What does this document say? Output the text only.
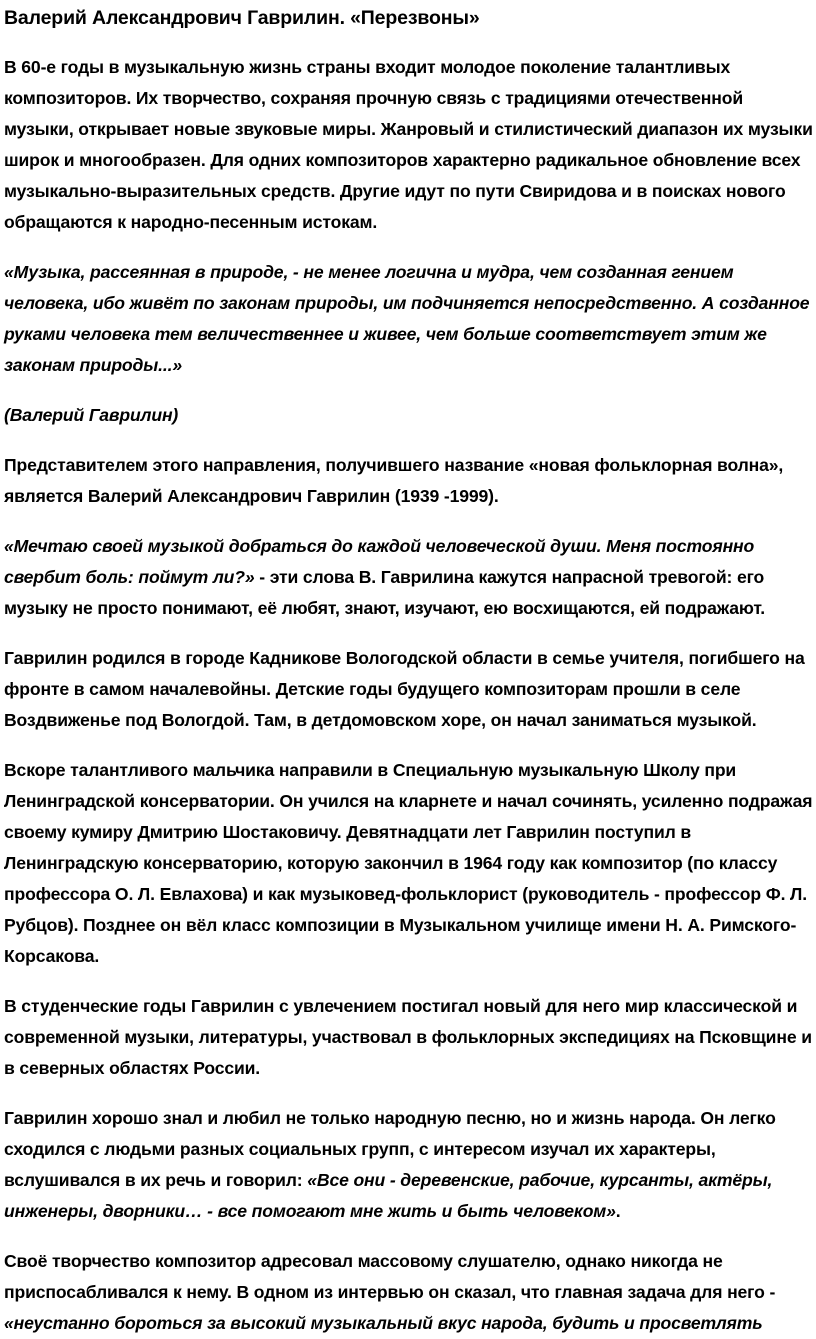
Валерий Александрович Гаврилин. «Перезвоны»

В 60-е годы в музыкальную жизнь страны входит молодое поколение талантливых композиторов. Их творчество, сохраняя прочную связь с традициями отечественной музыки, открывает новые звуковые миры. Жанровый и стилистический диапазон их музыки широк и многообразен. Для одних композиторов характерно радикальное обновление всех музыкально-выразительных средств. Другие идут по пути Свиридова и в поисках нового обращаются к народно-песенным истокам.

«Музыка, рассеянная в природе, - не менее логична и мудра, чем созданная гением человека, ибо живёт по законам природы, им подчиняется непосредственно. А созданное руками человека тем величественнее и живее, чем больше соответствует этим же законам природы...»

(Валерий Гаврилин)

Представителем этого направления, получившего название «новая фольклорная волна», является Валерий Александрович Гаврилин (1939 -1999).

«Мечтаю своей музыкой добраться до каждой человеческой души. Меня постоянно свербит боль: поймут ли?» - эти слова В. Гаврилина кажутся напрасной тревогой: его музыку не просто понимают, её любят, знают, изучают, ею восхищаются, ей подражают.

Гаврилин родился в городе Кадникове Вологодской области в семье учителя, погибшего на фронте в самом началевойны. Детские годы будущего композиторам прошли в селе Воздвиженье под Вологдой. Там, в детдомовском хоре, он начал заниматься музыкой.

Вскоре талантливого мальчика направили в Специальную музыкальную Школу при Ленинградской консерватории. Он учился на кларнете и начал сочинять, усиленно подражая своему кумиру Дмитрию Шостаковичу. Девятнадцати лет Гаврилин поступил в Ленинградскую консерваторию, которую закончил в 1964 году как композитор (по классу профессора О. Л. Евлахова) и как музыковед-фольклорист (руководитель - профессор Ф. Л. Рубцов). Позднее он вёл класс композиции в Музыкальном училище имени Н. А. Римского-Корсакова.

В студенческие годы Гаврилин с увлечением постигал новый для него мир классической и современной музыки, литературы, участвовал в фольклорных экспедициях на Псковщине и в северных областях России.

Гаврилин хорошо знал и любил не только народную песню, но и жизнь народа. Он легко сходился с людьми разных социальных групп, с интересом изучал их характеры, вслушивался в их речь и говорил: «Все они - деревенские, рабочие, курсанты, актёры, инженеры, дворники… - все помогают мне жить и быть человеком».

Своё творчество композитор адресовал массовому слушателю, однако никогда не приспосабливался к нему. В одном из интервью он сказал, что главная задача для него - «неустанно бороться за высокий музыкальный вкус народа, будить и просветлять
